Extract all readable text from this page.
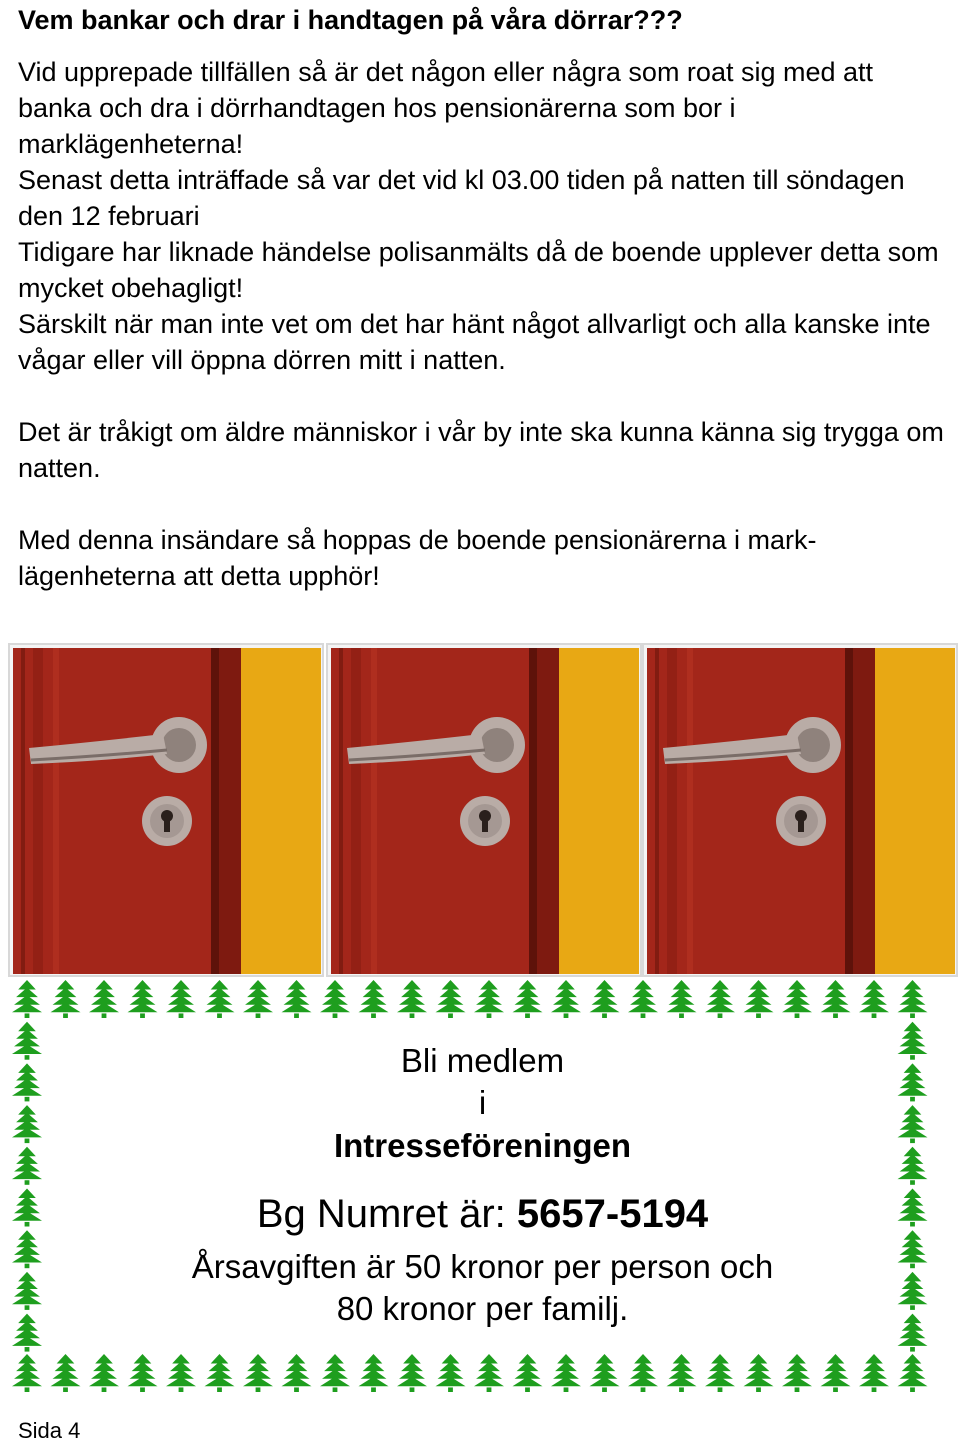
Vem bankar och drar i handtagen på våra dörrar???

Vid upprepade tillfällen så är det någon eller några som roat sig med att banka och dra i dörrhandtagen hos pensionärerna som bor i marklägenheterna!

Senast detta inträffade så var det vid kl 03.00 tiden på natten till söndagen den 12 februari

Tidigare har liknade händelse polisanmälts då de boende upplever detta som mycket obehagligt!

Särskilt när man inte vet om det har hänt något allvarligt och alla kanske inte vågar eller vill öppna dörren mitt i natten.

Det är tråkigt om äldre människor i vår by inte ska kunna känna sig trygga om natten.

Med denna insändare så hoppas de boende pensionärerna i mark-lägenheterna att detta upphör!

Bli medlem
i
Intresseföreningen
Bg Numret är: 5657-5194
Årsavgiften är 50 kronor per person och
80 kronor per familj.
Sida 4
